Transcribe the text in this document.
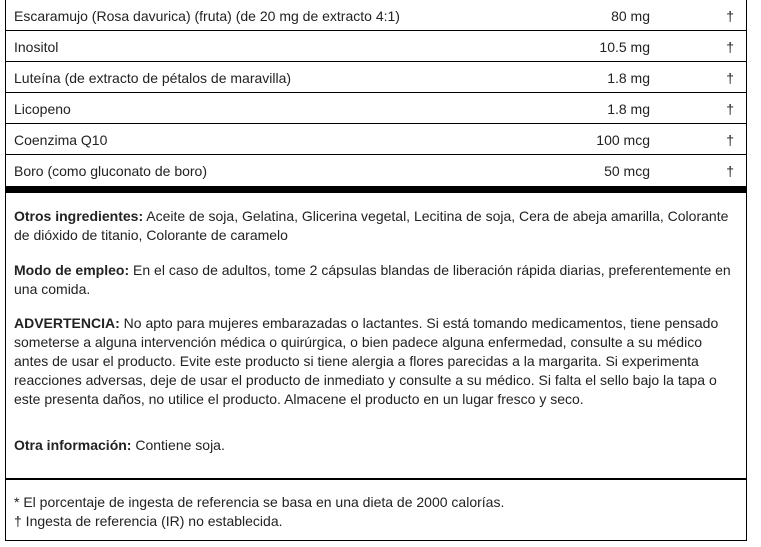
Escaramujo (Rosa davurica) (fruta) (de 20 mg de extracto 4:1)	80 mg	†
Inositol	10.5 mg	†
Luteína (de extracto de pétalos de maravilla)	1.8 mg	†
Licopeno	1.8 mg	†
Coenzima Q10	100 mcg	†
Boro (como gluconato de boro)	50 mcg	†
Otros ingredientes: Aceite de soja, Gelatina, Glicerina vegetal, Lecitina de soja, Cera de abeja amarilla, Colorante de dióxido de titanio, Colorante de caramelo
Modo de empleo: En el caso de adultos, tome 2 cápsulas blandas de liberación rápida diarias, preferentemente en una comida.
ADVERTENCIA: No apto para mujeres embarazadas o lactantes. Si está tomando medicamentos, tiene pensado someterse a alguna intervención médica o quirúrgica, o bien padece alguna enfermedad, consulte a su médico antes de usar el producto. Evite este producto si tiene alergia a flores parecidas a la margarita. Si experimenta reacciones adversas, deje de usar el producto de inmediato y consulte a su médico. Si falta el sello bajo la tapa o este presenta daños, no utilice el producto. Almacene el producto en un lugar fresco y seco.
Otra información: Contiene soja.
* El porcentaje de ingesta de referencia se basa en una dieta de 2000 calorías.
† Ingesta de referencia (IR) no establecida.
